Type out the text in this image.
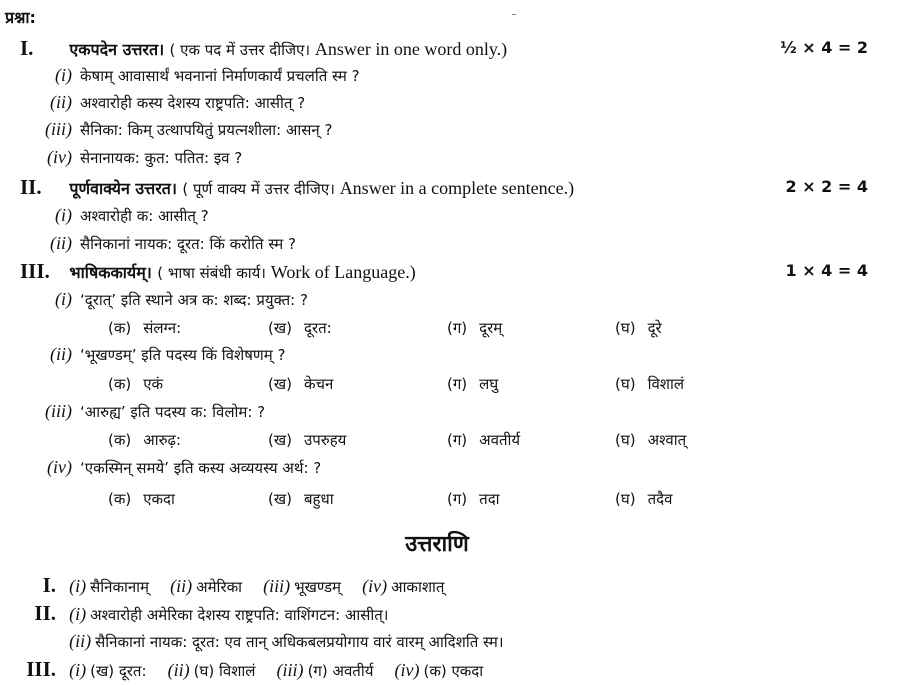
प्रश्ना:
I. एकपदेन उत्तरत। ( एक पद में उत्तर दीजिए। Answer in one word only.)	½ × 4 = 2
(i) केषाम् आवासार्थं भवनानां निर्माणकार्यं प्रचलति स्म ?
(ii) अश्वारोही कस्य देशस्य राष्ट्रपति: आसीत् ?
(iii) सैनिका: किम् उत्थापयितुं प्रयत्नशीला: आसन् ?
(iv) सेनानायक: कुत: पतित: इव ?
II. पूर्णवाक्येन उत्तरत। ( पूर्ण वाक्य में उत्तर दीजिए। Answer in a complete sentence.)	2 × 2 = 4
(i) अश्वारोही क: आसीत् ?
(ii) सैनिकानां नायक: दूरत: किं करोति स्म ?
III. भाषिककार्यम्। ( भाषा संबंधी कार्य। Work of Language.)	1 × 4 = 4
(i) ‘दूरात्’ इति स्थाने अत्र क: शब्द: प्रयुक्त: ?
(क) संलग्न:	(ख) दूरत:	(ग) दूरम्	(घ) दूरे
(ii) ‘भूखण्डम्’ इति पदस्य किं विशेषणम् ?
(क) एकं	(ख) केचन	(ग) लघु	(घ) विशालं
(iii) ‘आरुह्य’ इति पदस्य क: विलोम: ?
(क) आरुढ़:	(ख) उपरुहय	(ग) अवतीर्य	(घ) अश्वात्
(iv) ‘एकस्मिन् समये’ इति कस्य अव्ययस्य अर्थ: ?
(क) एकदा	(ख) बहुधा	(ग) तदा	(घ) तदैव
उत्तराणि
I. (i) सैनिकानाम् (ii) अमेरिका (iii) भूखण्डम् (iv) आकाशात्
II. (i) अश्वारोही अमेरिका देशस्य राष्ट्रपति: वाशिंगटन: आसीत्।
(ii) सैनिकानां नायक: दूरत: एव तान् अधिकबलप्रयोगाय वारं वारम् आदिशति स्म।
III. (i) (ख) दूरत: (ii) (घ) विशालं (iii) (ग) अवतीर्य (iv) (क) एकदा
